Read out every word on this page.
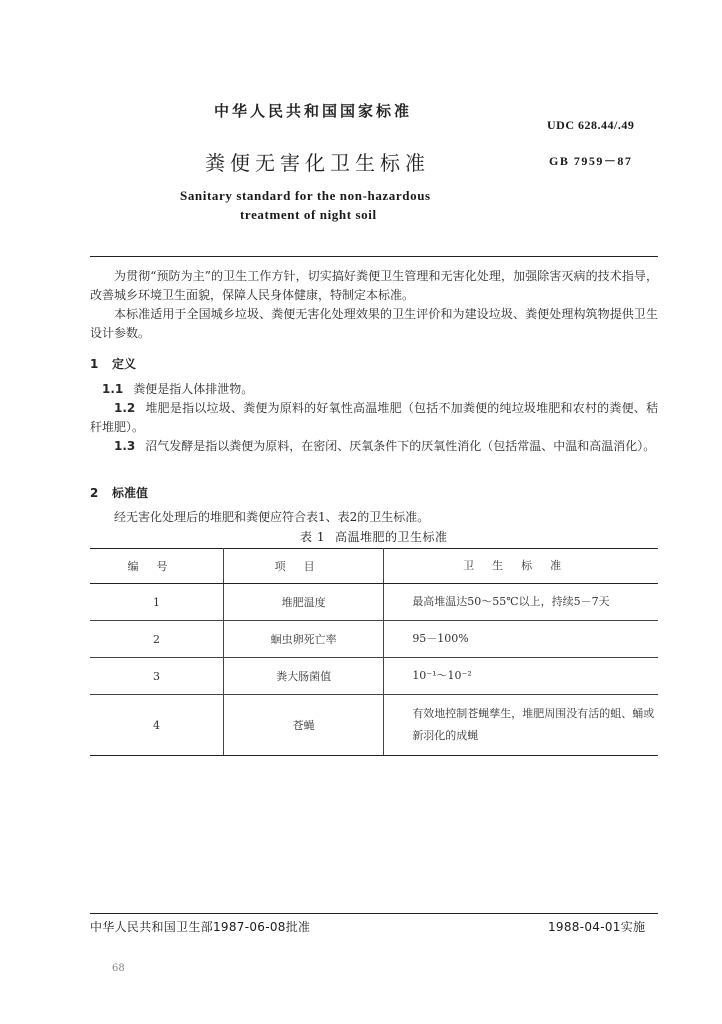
中华人民共和国国家标准
UDC 628.44/.49
粪便无害化卫生标准	GB 7959－87
Sanitary standard for the non-hazardous
treatment of night soil
为贯彻“预防为主”的卫生工作方针，切实搞好粪便卫生管理和无害化处理，加强除害灭病的技术指导，改善城乡环境卫生面貌，保障人民身体健康，特制定本标准。
本标准适用于全国城乡垃圾、粪便无害化处理效果的卫生评价和为建设垃圾、粪便处理构筑物提供卫生设计参数。
1 定义
1.1 粪便是指人体排泄物。
1.2 堆肥是指以垃圾、粪便为原料的好氧性高温堆肥（包括不加粪便的纯垃圾堆肥和农村的粪便、秸秆堆肥）。
1.3 沼气发酵是指以粪便为原料，在密闭、厌氧条件下的厌氧性消化（包括常温、中温和高温消化）。
2 标准值
经无害化处理后的堆肥和粪便应符合表1、表2的卫生标准。
表 1 高温堆肥的卫生标准
编号	项目	卫生标准
1	堆肥温度	最高堆温达50～55℃以上，持续5－7天
2	蛔虫卵死亡率	95－100%
3	粪大肠菌值	10⁻¹～10⁻²
4	苍蝇	有效地控制苍蝇孳生，堆肥周围没有活的蛆、蛹或新羽化的成蝇
中华人民共和国卫生部1987-06-08批准	1988-04-01实施
68
